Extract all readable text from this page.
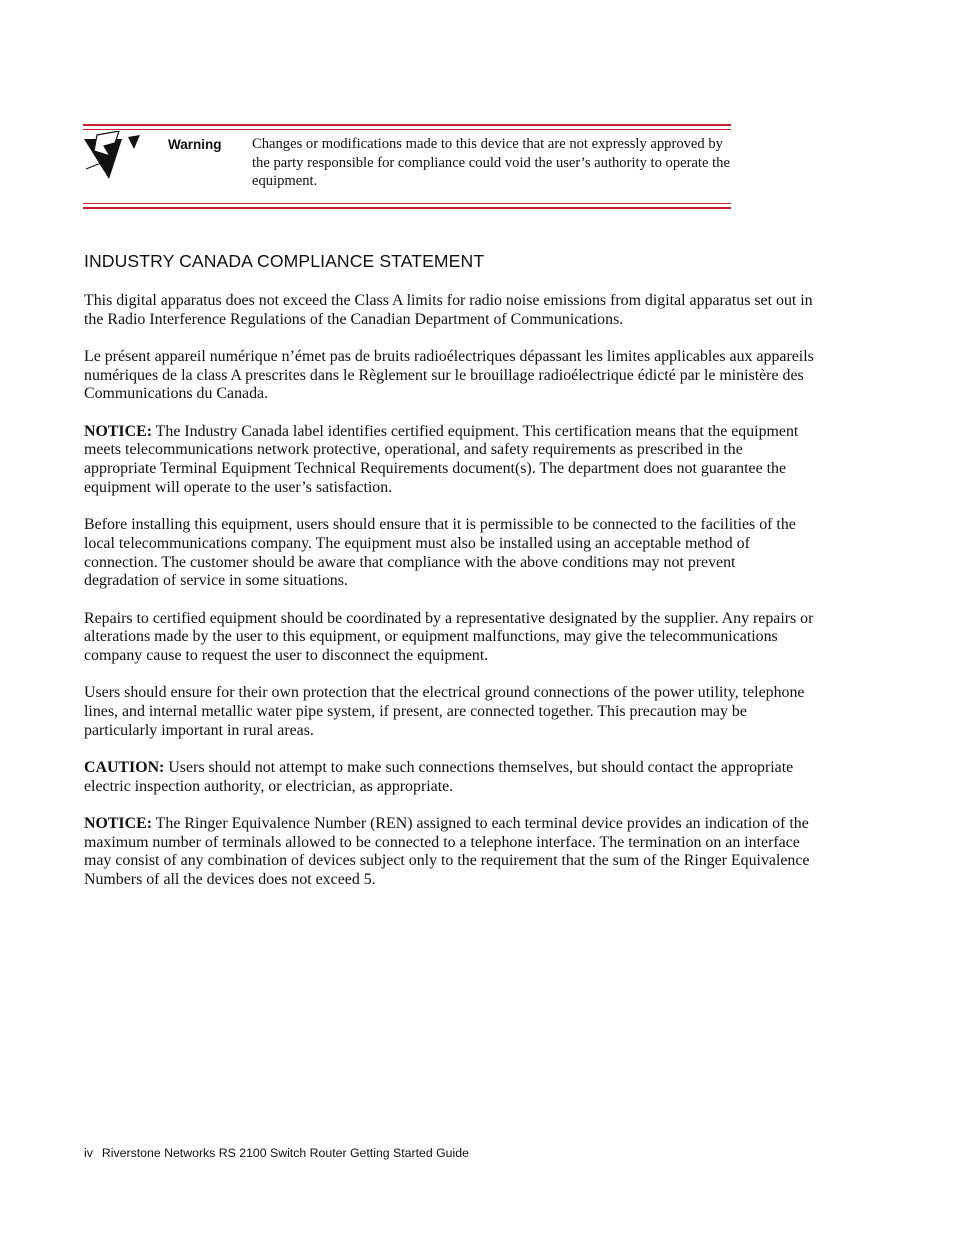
Warning Changes or modifications made to this device that are not expressly approved by the party responsible for compliance could void the user’s authority to operate the equipment.
INDUSTRY CANADA COMPLIANCE STATEMENT

This digital apparatus does not exceed the Class A limits for radio noise emissions from digital apparatus set out in the Radio Interference Regulations of the Canadian Department of Communications.

Le présent appareil numérique n’émet pas de bruits radioélectriques dépassant les limites applicables aux appareils numériques de la class A prescrites dans le Règlement sur le brouillage radioélectrique édicté par le ministère des Communications du Canada.

NOTICE: The Industry Canada label identifies certified equipment. This certification means that the equipment meets telecommunications network protective, operational, and safety requirements as prescribed in the appropriate Terminal Equipment Technical Requirements document(s). The department does not guarantee the equipment will operate to the user’s satisfaction.

Before installing this equipment, users should ensure that it is permissible to be connected to the facilities of the local telecommunications company. The equipment must also be installed using an acceptable method of connection. The customer should be aware that compliance with the above conditions may not prevent degradation of service in some situations.

Repairs to certified equipment should be coordinated by a representative designated by the supplier. Any repairs or alterations made by the user to this equipment, or equipment malfunctions, may give the telecommunications company cause to request the user to disconnect the equipment.

Users should ensure for their own protection that the electrical ground connections of the power utility, telephone lines, and internal metallic water pipe system, if present, are connected together. This precaution may be particularly important in rural areas.

CAUTION: Users should not attempt to make such connections themselves, but should contact the appropriate electric inspection authority, or electrician, as appropriate.

NOTICE: The Ringer Equivalence Number (REN) assigned to each terminal device provides an indication of the maximum number of terminals allowed to be connected to a telephone interface. The termination on an interface may consist of any combination of devices subject only to the requirement that the sum of the Ringer Equivalence Numbers of all the devices does not exceed 5.

iv Riverstone Networks RS 2100 Switch Router Getting Started Guide
